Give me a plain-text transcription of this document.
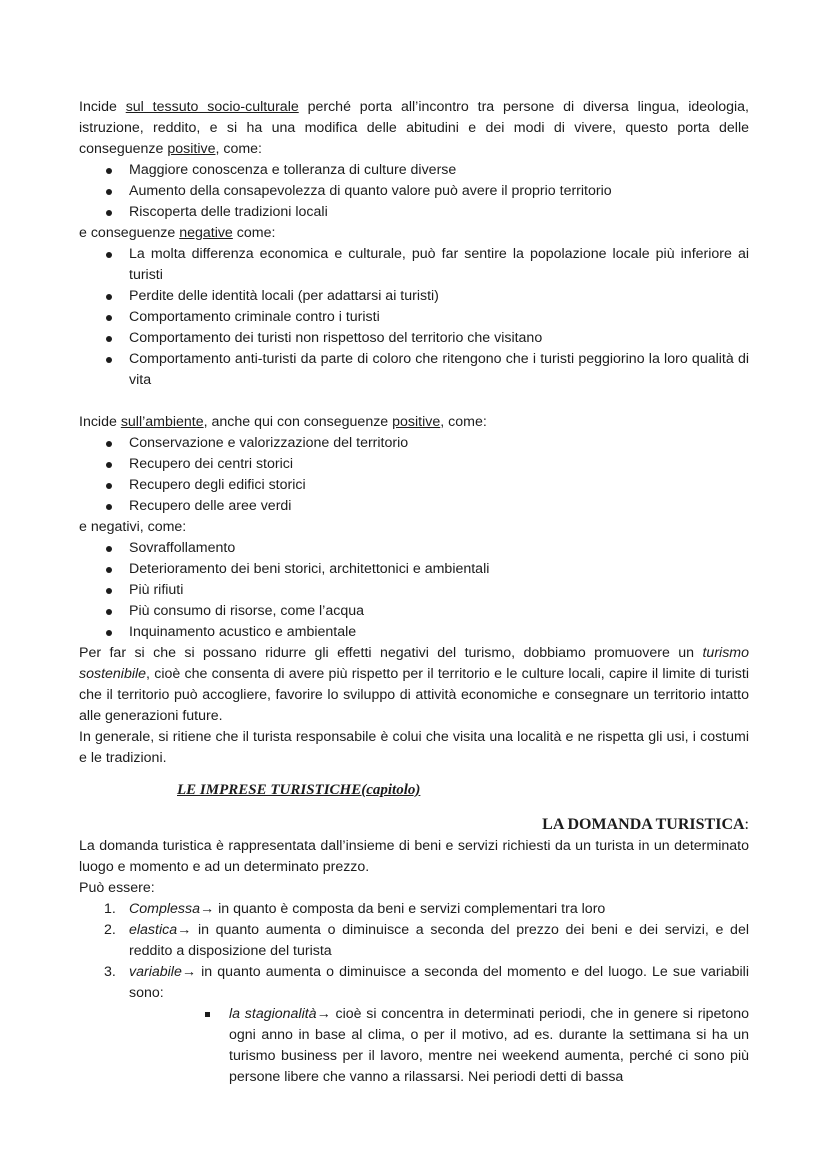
Incide sul tessuto socio-culturale perché porta all’incontro tra persone di diversa lingua, ideologia, istruzione, reddito, e si ha una modifica delle abitudini e dei modi di vivere, questo porta delle conseguenze positive, come:

Maggiore conoscenza e tolleranza di culture diverse
Aumento della consapevolezza di quanto valore può avere il proprio territorio
Riscoperta delle tradizioni locali

e conseguenze negative come:

La molta differenza economica e culturale, può far sentire la popolazione locale più inferiore ai turisti
Perdite delle identità locali (per adattarsi ai turisti)
Comportamento criminale contro i turisti
Comportamento dei turisti non rispettoso del territorio che visitano
Comportamento anti-turisti da parte di coloro che ritengono che i turisti peggiorino la loro qualità di vita

Incide sull’ambiente, anche qui con conseguenze positive, come:

Conservazione e valorizzazione del territorio
Recupero dei centri storici
Recupero degli edifici storici
Recupero delle aree verdi

e negativi, come:

Sovraffollamento
Deterioramento dei beni storici, architettonici e ambientali
Più rifiuti
Più consumo di risorse, come l’acqua
Inquinamento acustico e ambientale

Per far si che si possano ridurre gli effetti negativi del turismo, dobbiamo promuovere un turismo sostenibile, cioè che consenta di avere più rispetto per il territorio e le culture locali, capire il limite di turisti che il territorio può accogliere, favorire lo sviluppo di attività economiche e consegnare un territorio intatto alle generazioni future.

In generale, si ritiene che il turista responsabile è colui che visita una località e ne rispetta gli usi, i costumi e le tradizioni.

LE IMPRESE TURISTICHE(capitolo)
LA DOMANDA TURISTICA:

La domanda turistica è rappresentata dall’insieme di beni e servizi richiesti da un turista in un determinato luogo e momento e ad un determinato prezzo.

Può essere:

1. Complessa→ in quanto è composta da beni e servizi complementari tra loro
2. elastica→ in quanto aumenta o diminuisce a seconda del prezzo dei beni e dei servizi, e del reddito a disposizione del turista
3. variabile→ in quanto aumenta o diminuisce a seconda del momento e del luogo. Le sue variabili sono:
la stagionalità→ cioè si concentra in determinati periodi, che in genere si ripetono ogni anno in base al clima, o per il motivo, ad es. durante la settimana si ha un turismo business per il lavoro, mentre nei weekend aumenta, perché ci sono più persone libere che vanno a rilassarsi. Nei periodi detti di bassa
